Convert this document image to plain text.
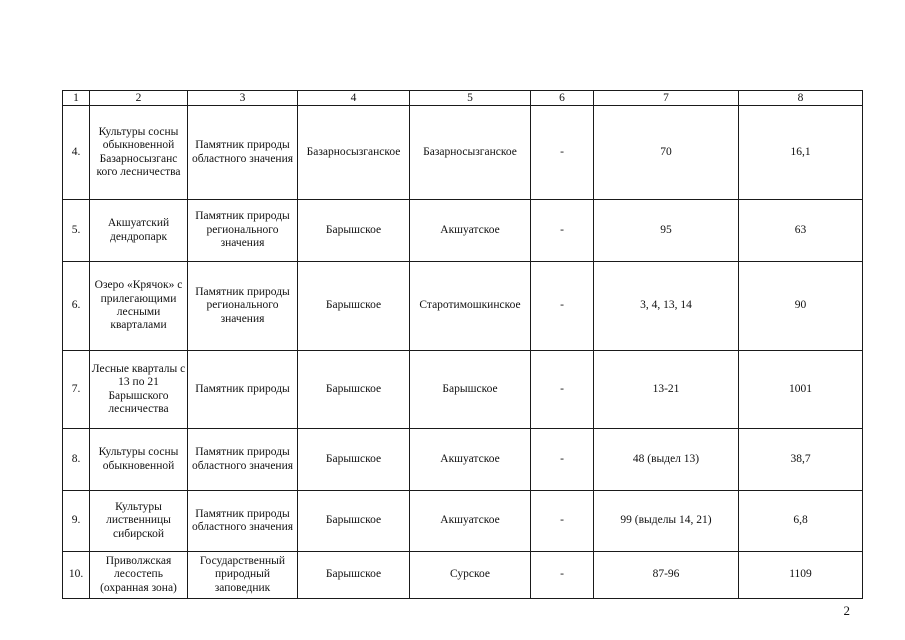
1	2	3	4	5	6	7	8
4.	Культуры сосны обыкновенной Базарносызганс кого лесничества	Памятник природы областного значения	Базарносызганское	Базарносызганское	-	70	16,1
5.	Акшуатский дендропарк	Памятник природы регионального значения	Барышское	Акшуатское	-	95	63
6.	Озеро «Крячок» с прилегающими лесными кварталами	Памятник природы регионального значения	Барышское	Старотимошкинское	-	3, 4, 13, 14	90
7.	Лесные кварталы с 13 по 21 Барышского лесничества	Памятник природы	Барышское	Барышское	-	13-21	1001
8.	Культуры сосны обыкновенной	Памятник природы областного значения	Барышское	Акшуатское	-	48 (выдел 13)	38,7
9.	Культуры лиственницы сибирской	Памятник природы областного значения	Барышское	Акшуатское	-	99 (выделы 14, 21)	6,8
10.	Приволжская лесостепь (охранная зона)	Государственный природный заповедник	Барышское	Сурское	-	87-96	1109
2
